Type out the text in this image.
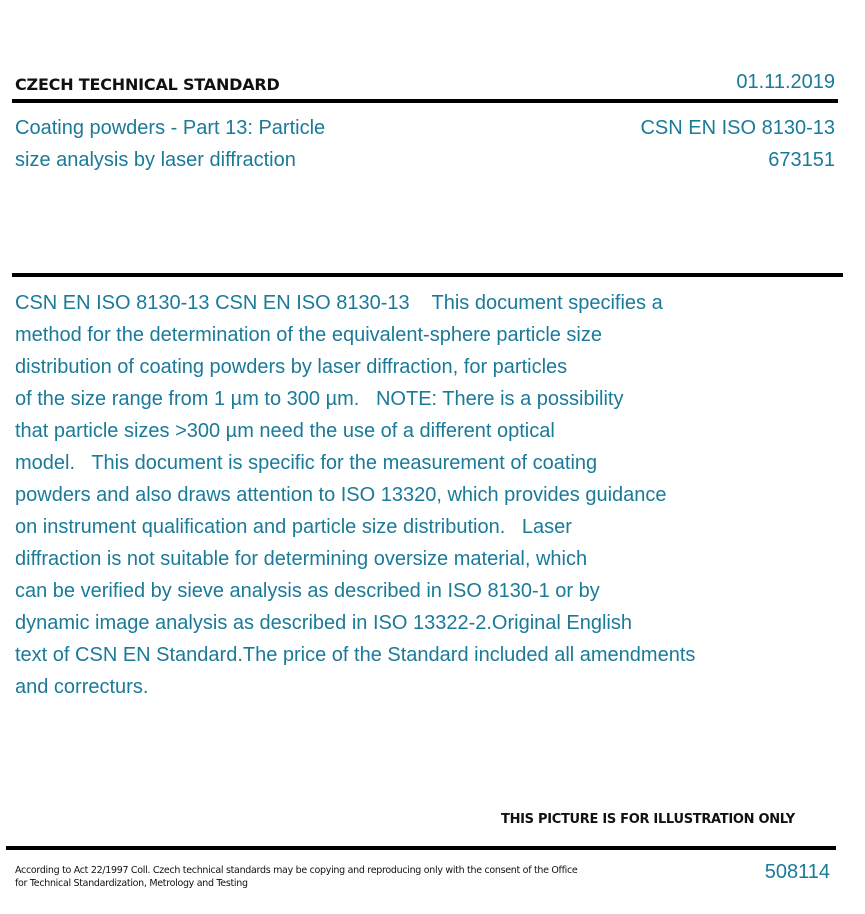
CZECH TECHNICAL STANDARD	01.11.2019
Coating powders - Part 13: Particle
size analysis by laser diffraction
CSN EN ISO 8130-13
673151
CSN EN ISO 8130-13 CSN EN ISO 8130-13    This document specifies a
method for the determination of the equivalent-sphere particle size
distribution of coating powders by laser diffraction, for particles
of the size range from 1 µm to 300 µm.   NOTE: There is a possibility
that particle sizes >300 µm need the use of a different optical
model.   This document is specific for the measurement of coating
powders and also draws attention to ISO 13320, which provides guidance
on instrument qualification and particle size distribution.   Laser
diffraction is not suitable for determining oversize material, which
can be verified by sieve analysis as described in ISO 8130-1 or by
dynamic image analysis as described in ISO 13322-2.Original English
text of CSN EN Standard.The price of the Standard included all amendments
and correcturs.
THIS PICTURE IS FOR ILLUSTRATION ONLY
According to Act 22/1997 Coll. Czech technical standards may be copying and reproducing only with the consent of the Office
for Technical Standardization, Metrology and Testing
508114
